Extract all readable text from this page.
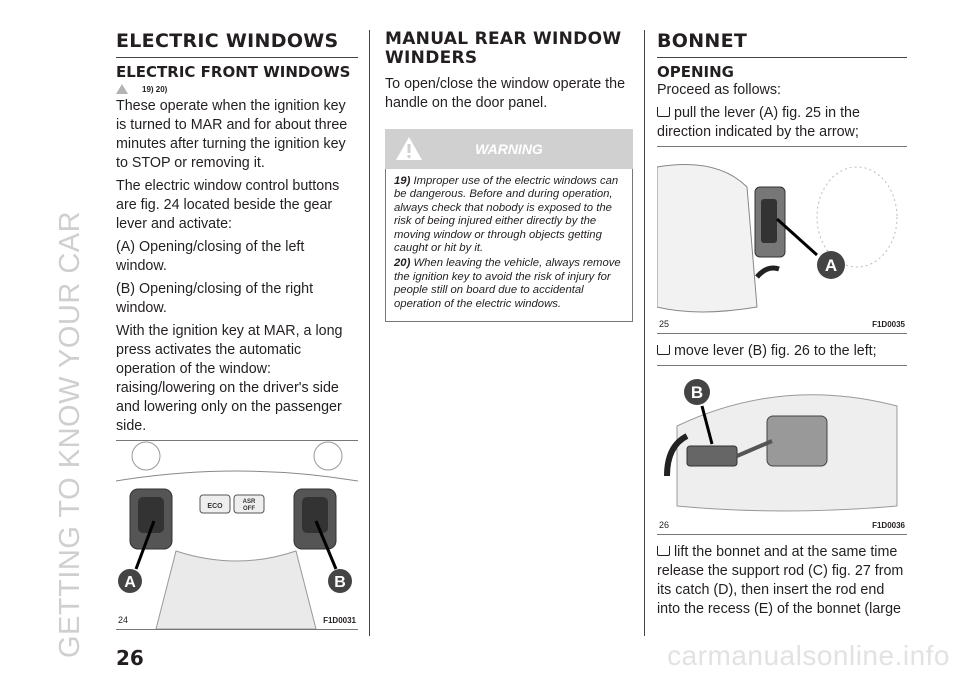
GETTING TO KNOW YOUR CAR
ELECTRIC WINDOWS
ELECTRIC FRONT WINDOWS
19) 20)

These operate when the ignition key is turned to MAR and for about three minutes after turning the ignition key to STOP or removing it.

The electric window control buttons are fig. 24 located beside the gear lever and activate:

(A) Opening/closing of the left window.

(B) Opening/closing of the right window.

With the ignition key at MAR, a long press activates the automatic operation of the window: raising/lowering on the driver's side and lowering only on the passenger side.

ECO
ASR
OFF
A	B
24	F1D0031
MANUAL REAR WINDOW WINDERS

To open/close the window operate the handle on the door panel.

WARNING

19) Improper use of the electric windows can be dangerous. Before and during operation, always check that nobody is exposed to the risk of being injured either directly by the moving window or through objects getting caught or hit by it.

20) When leaving the vehicle, always remove the ignition key to avoid the risk of injury for people still on board due to accidental operation of the electric windows.

BONNET
OPENING

Proceed as follows:

pull the lever (A) fig. 25 in the direction indicated by the arrow;

A
25	F1D0035

move lever (B) fig. 26 to the left;

B
26	F1D0036

lift the bonnet and at the same time release the support rod (C) fig. 27 from its catch (D), then insert the rod end into the recess (E) of the bonnet (large

26	carmanualsonline.info
